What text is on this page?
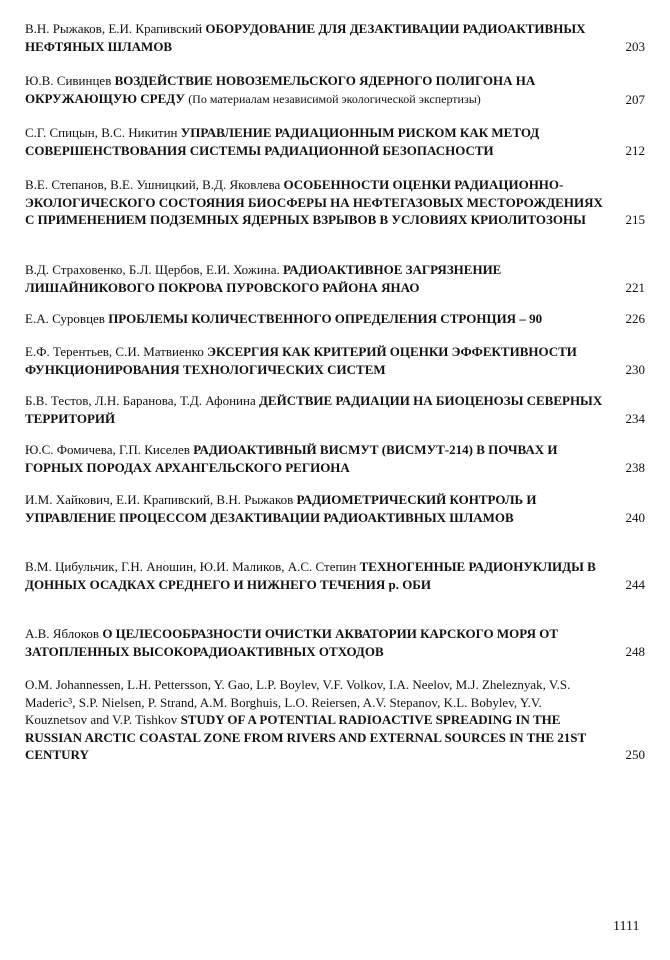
В.Н. Рыжаков, Е.И. Крапивский ОБОРУДОВАНИЕ ДЛЯ ДЕЗАКТИВАЦИИ РАДИОАКТИВНЫХ НЕФТЯНЫХ ШЛАМОВ	203
Ю.В. Сивинцев ВОЗДЕЙСТВИЕ НОВОЗЕМЕЛЬСКОГО ЯДЕРНОГО ПОЛИГОНА НА ОКРУЖАЮЩУЮ СРЕДУ (По материалам независимой экологической экспертизы)	207
С.Г. Спицын, В.С. Никитин УПРАВЛЕНИЕ РАДИАЦИОННЫМ РИСКОМ КАК МЕТОД СОВЕРШЕНСТВОВАНИЯ СИСТЕМЫ РАДИАЦИОННОЙ БЕЗОПАСНОСТИ	212
В.Е. Степанов, В.Е. Ушницкий, В.Д. Яковлева ОСОБЕННОСТИ ОЦЕНКИ РАДИАЦИОННО-ЭКОЛОГИЧЕСКОГО СОСТОЯНИЯ БИОСФЕРЫ НА НЕФТЕГАЗОВЫХ МЕСТОРОЖДЕНИЯХ С ПРИМЕНЕНИЕМ ПОДЗЕМНЫХ ЯДЕРНЫХ ВЗРЫВОВ В УСЛОВИЯХ КРИОЛИТОЗОНЫ	215
В.Д. Страховенко, Б.Л. Щербов, Е.И. Хожина. РАДИОАКТИВНОЕ ЗАГРЯЗНЕНИЕ ЛИШАЙНИКОВОГО ПОКРОВА ПУРОВСКОГО РАЙОНА ЯНАО	221
Е.А. Суровцев ПРОБЛЕМЫ КОЛИЧЕСТВЕННОГО ОПРЕДЕЛЕНИЯ СТРОНЦИЯ – 90	226
Е.Ф. Терентьев, С.И. Матвиенко ЭКСЕРГИЯ КАК КРИТЕРИЙ ОЦЕНКИ ЭФФЕКТИВНОСТИ ФУНКЦИОНИРОВАНИЯ ТЕХНОЛОГИЧЕСКИХ СИСТЕМ	230
Б.В. Тестов, Л.Н. Баранова, Т.Д. Афонина ДЕЙСТВИЕ РАДИАЦИИ НА БИОЦЕНОЗЫ СЕВЕРНЫХ ТЕРРИТОРИЙ	234
Ю.С. Фомичева, Г.П. Киселев РАДИОАКТИВНЫЙ ВИСМУТ (ВИСМУТ-214) В ПОЧВАХ И ГОРНЫХ ПОРОДАХ АРХАНГЕЛЬСКОГО РЕГИОНА	238
И.М. Хайкович, Е.И. Крапивский, В.Н. Рыжаков РАДИОМЕТРИЧЕСКИЙ КОНТРОЛЬ И УПРАВЛЕНИЕ ПРОЦЕССОМ ДЕЗАКТИВАЦИИ РАДИОАКТИВНЫХ ШЛАМОВ	240
В.М. Цибульчик, Г.Н. Аношин, Ю.И. Маликов, А.С. Степин ТЕХНОГЕННЫЕ РАДИОНУКЛИДЫ В ДОННЫХ ОСАДКАХ СРЕДНЕГО И НИЖНЕГО ТЕЧЕНИЯ р. ОБИ	244
А.В. Яблоков О ЦЕЛЕСООБРАЗНОСТИ ОЧИСТКИ АКВАТОРИИ КАРСКОГО МОРЯ ОТ ЗАТОПЛЕННЫХ ВЫСОКОРАДИОАКТИВНЫХ ОТХОДОВ	248
O.M. Johannessen, L.H. Pettersson, Y. Gao, L.P. Boylev, V.F. Volkov, I.A. Neelov, M.J. Zheleznyak, V.S. Maderic³, S.P. Nielsen, P. Strand, A.M. Borghuis, L.O. Reiersen, A.V. Stepanov, K.L. Bobylev, Y.V. Kouznetsov and V.P. Tishkov STUDY OF A POTENTIAL RADIOACTIVE SPREADING IN THE RUSSIAN ARCTIC COASTAL ZONE FROM RIVERS AND EXTERNAL SOURCES IN THE 21ST CENTURY	250
1111
